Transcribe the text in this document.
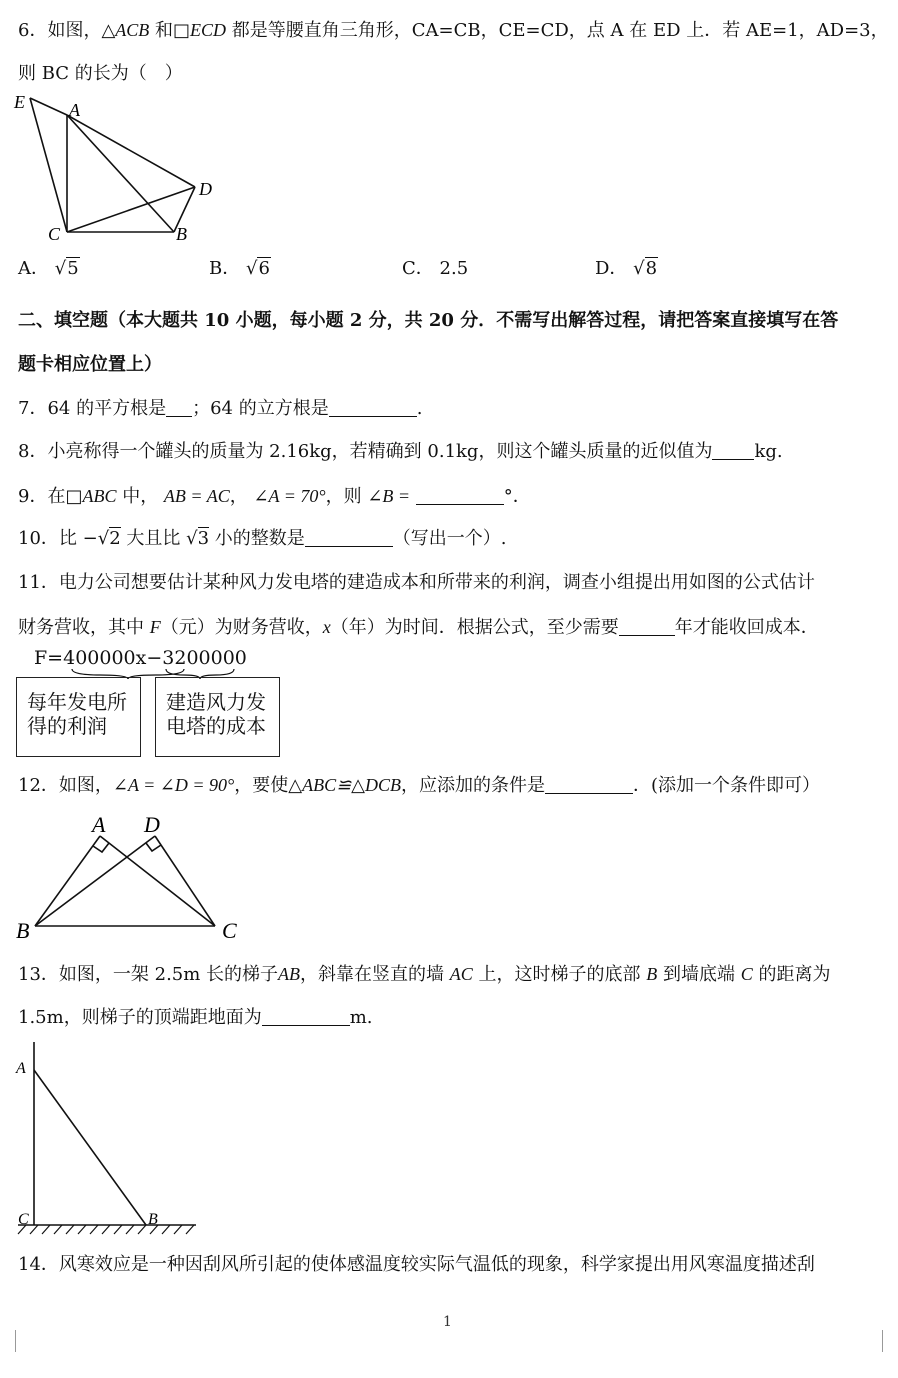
6．如图，△ACB 和□ECD 都是等腰直角三角形，CA=CB，CE=CD，点 A 在 ED 上．若 AE=1，AD=3，
则 BC 的长为（　）
E A
D
C	B
A． √5	B． √6	C． 2.5	D． √8
二、填空题（本大题共 10 小题，每小题 2 分，共 20 分．不需写出解答过程，请把答案直接填写在答
题卡相应位置上）
7．64 的平方根是 ；64 的立方根是	.
8．小亮称得一个罐头的质量为 2.16kg，若精确到 0.1kg，则这个罐头质量的近似值为 kg.
9．在□ABC 中， AB = AC， ∠A = 70°，则 ∠B =	°．
10．比 −√2 大且比 √3 小的整数是	（写出一个）.
11．电力公司想要估计某种风力发电塔的建造成本和所带来的利润，调查小组提出用如图的公式估计
财务营收，其中 F（元）为财务营收，x（年）为时间．根据公式，至少需要	年才能收回成本．
F=400000x−3200000
每年发电所
得的利润
建造风力发
电塔的成本
12．如图，∠A = ∠D = 90°，要使△ABC≌△DCB，应添加的条件是	．(添加一个条件即可）
A D
B	C
13．如图，一架 2.5m 长的梯子AB，斜靠在竖直的墙 AC 上，这时梯子的底部 B 到墙底端 C 的距离为
1.5m，则梯子的顶端距地面为	m.
A
C	B
14．风寒效应是一种因刮风所引起的使体感温度较实际气温低的现象，科学家提出用风寒温度描述刮
1
